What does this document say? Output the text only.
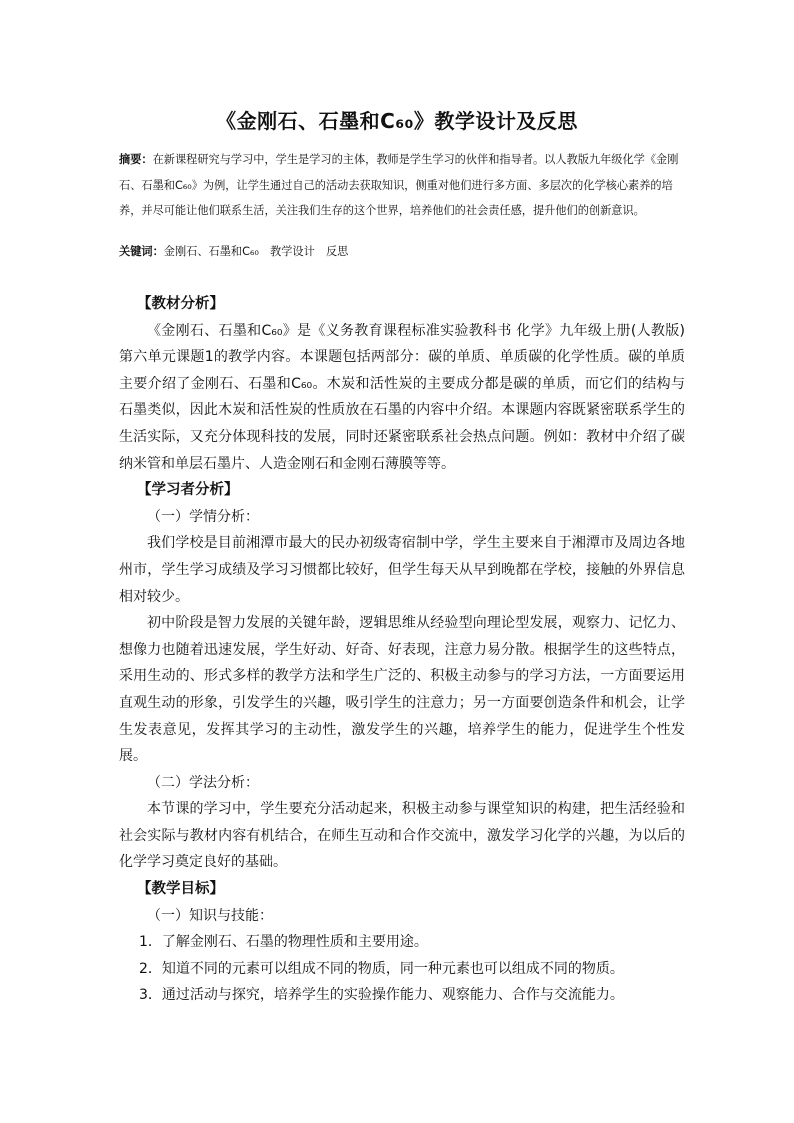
《金刚石、石墨和C₆₀》教学设计及反思
摘要：在新课程研究与学习中，学生是学习的主体，教师是学生学习的伙伴和指导者。以人教版九年级化学《金刚石、石墨和C₆₀》为例，让学生通过自己的活动去获取知识，侧重对他们进行多方面、多层次的化学核心素养的培养，并尽可能让他们联系生活，关注我们生存的这个世界，培养他们的社会责任感，提升他们的创新意识。
关键词：金刚石、石墨和C₆₀　教学设计　反思
【教材分析】
《金刚石、石墨和C₆₀》是《义务教育课程标准实验教科书 化学》九年级上册(人教版)第六单元课题1的教学内容。本课题包括两部分：碳的单质、单质碳的化学性质。碳的单质主要介绍了金刚石、石墨和C₆₀。木炭和活性炭的主要成分都是碳的单质，而它们的结构与石墨类似，因此木炭和活性炭的性质放在石墨的内容中介绍。本课题内容既紧密联系学生的生活实际，又充分体现科技的发展，同时还紧密联系社会热点问题。例如：教材中介绍了碳纳米管和单层石墨片、人造金刚石和金刚石薄膜等等。
【学习者分析】
（一）学情分析：
我们学校是目前湘潭市最大的民办初级寄宿制中学，学生主要来自于湘潭市及周边各地州市，学生学习成绩及学习习惯都比较好，但学生每天从早到晚都在学校，接触的外界信息相对较少。
初中阶段是智力发展的关键年龄，逻辑思维从经验型向理论型发展，观察力、记忆力、想像力也随着迅速发展，学生好动、好奇、好表现，注意力易分散。根据学生的这些特点，采用生动的、形式多样的教学方法和学生广泛的、积极主动参与的学习方法，一方面要运用直观生动的形象，引发学生的兴趣，吸引学生的注意力；另一方面要创造条件和机会，让学生发表意见，发挥其学习的主动性，激发学生的兴趣，培养学生的能力，促进学生个性发展。
（二）学法分析：
本节课的学习中，学生要充分活动起来，积极主动参与课堂知识的构建，把生活经验和社会实际与教材内容有机结合，在师生互动和合作交流中，激发学习化学的兴趣，为以后的化学学习奠定良好的基础。
【教学目标】
（一）知识与技能：
1．了解金刚石、石墨的物理性质和主要用途。
2．知道不同的元素可以组成不同的物质，同一种元素也可以组成不同的物质。
3．通过活动与探究，培养学生的实验操作能力、观察能力、合作与交流能力。
